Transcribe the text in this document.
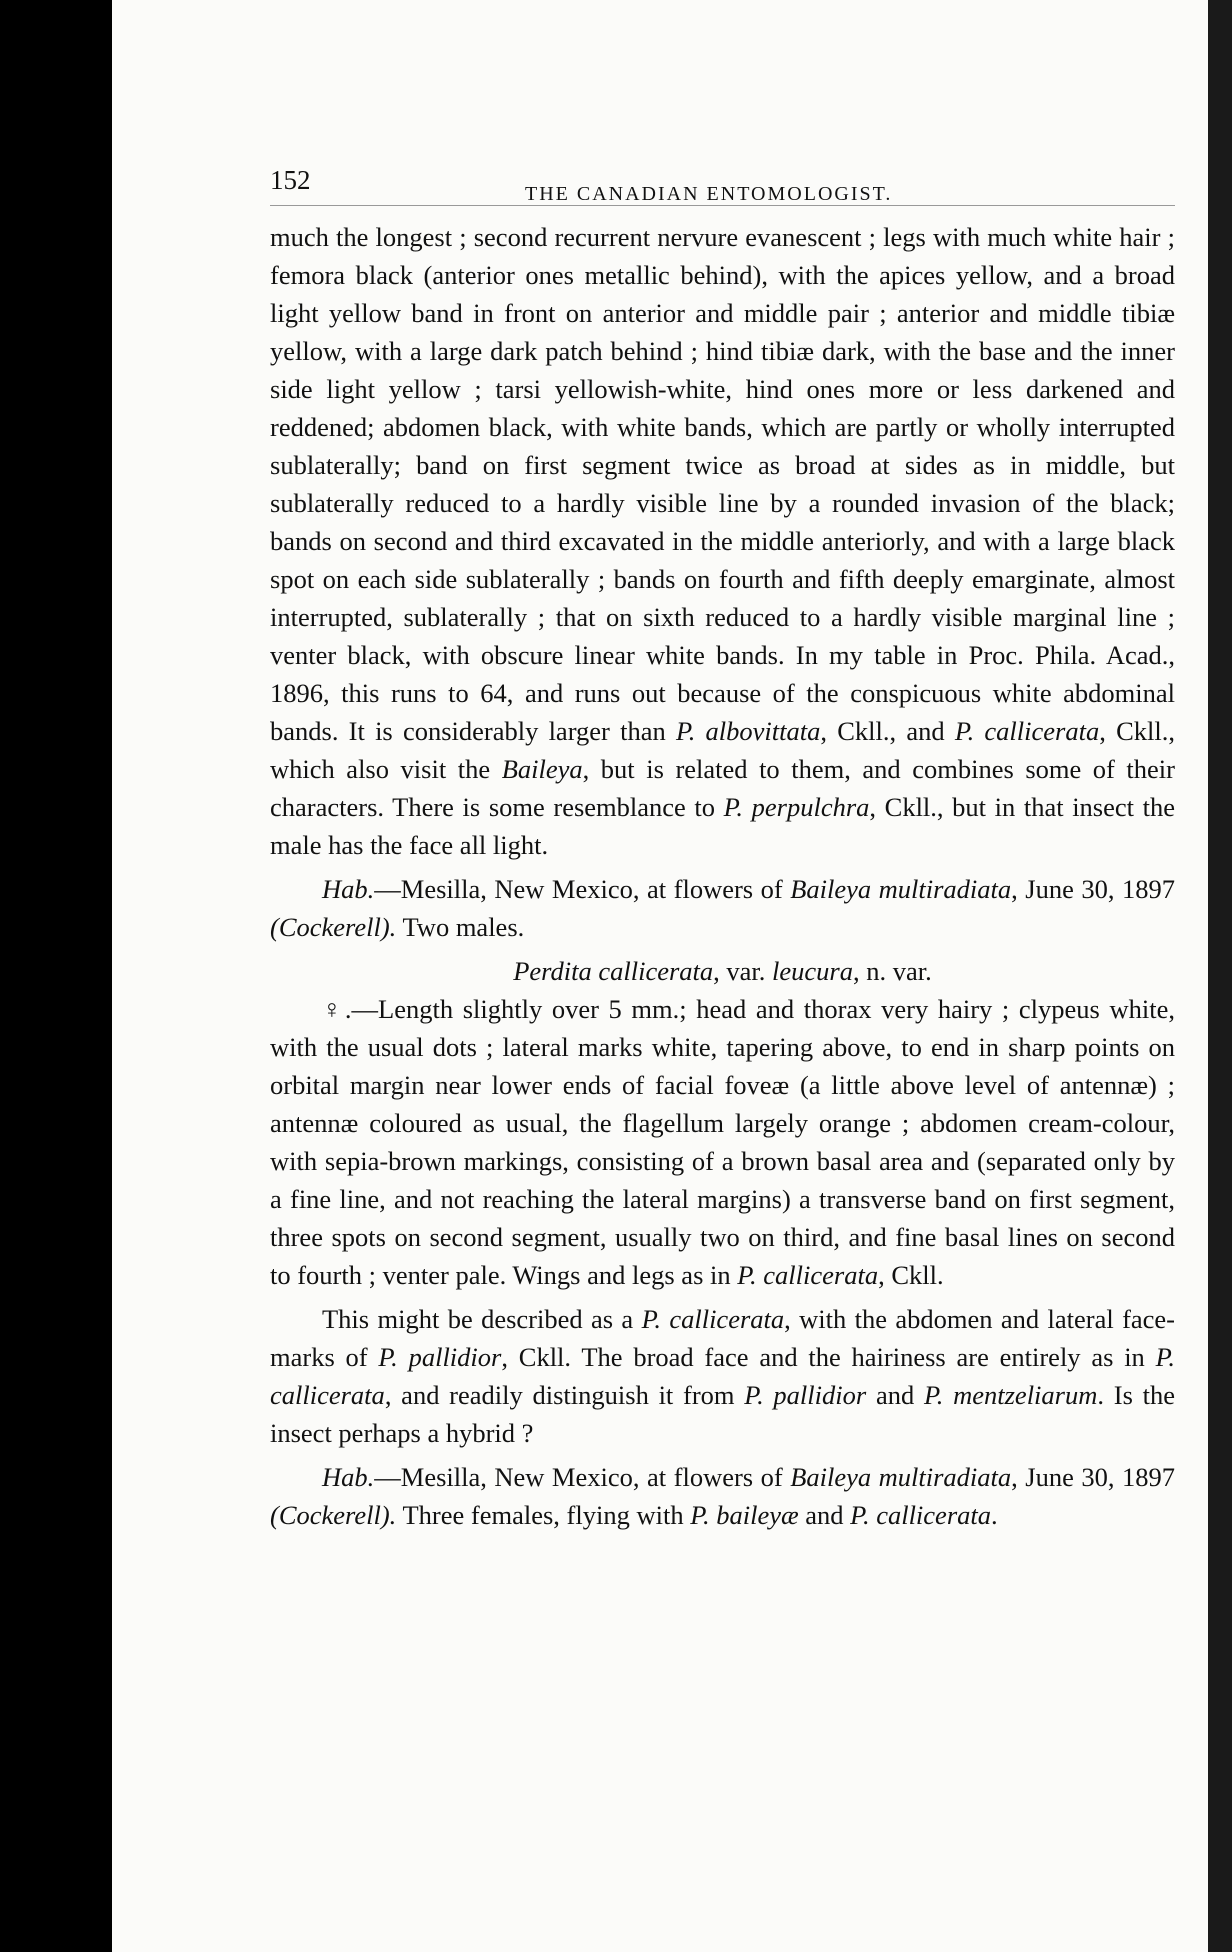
152	THE CANADIAN ENTOMOLOGIST.

much the longest ; second recurrent nervure evanescent ; legs with much white hair ; femora black (anterior ones metallic behind), with the apices yellow, and a broad light yellow band in front on anterior and middle pair ; anterior and middle tibiæ yellow, with a large dark patch behind ; hind tibiæ dark, with the base and the inner side light yellow ; tarsi yellowish-white, hind ones more or less darkened and reddened; abdomen black, with white bands, which are partly or wholly interrupted sublaterally; band on first segment twice as broad at sides as in middle, but sublaterally reduced to a hardly visible line by a rounded invasion of the black; bands on second and third excavated in the middle anteriorly, and with a large black spot on each side sublaterally ; bands on fourth and fifth deeply emarginate, almost interrupted, sublaterally ; that on sixth reduced to a hardly visible marginal line ; venter black, with obscure linear white bands. In my table in Proc. Phila. Acad., 1896, this runs to 64, and runs out because of the conspicuous white abdominal bands. It is considerably larger than P. albovittata, Ckll., and P. callicerata, Ckll., which also visit the Baileya, but is related to them, and combines some of their characters. There is some resemblance to P. perpulchra, Ckll., but in that insect the male has the face all light.

Hab.—Mesilla, New Mexico, at flowers of Baileya multiradiata, June 30, 1897 (Cockerell). Two males.

Perdita callicerata, var. leucura, n. var.

♀.—Length slightly over 5 mm.; head and thorax very hairy ; clypeus white, with the usual dots ; lateral marks white, tapering above, to end in sharp points on orbital margin near lower ends of facial foveæ (a little above level of antennæ) ; antennæ coloured as usual, the flagellum largely orange ; abdomen cream-colour, with sepia-brown markings, consisting of a brown basal area and (separated only by a fine line, and not reaching the lateral margins) a transverse band on first segment, three spots on second segment, usually two on third, and fine basal lines on second to fourth ; venter pale. Wings and legs as in P. callicerata, Ckll.

This might be described as a P. callicerata, with the abdomen and lateral face-marks of P. pallidior, Ckll. The broad face and the hairiness are entirely as in P. callicerata, and readily distinguish it from P. pallidior and P. mentzeliarum. Is the insect perhaps a hybrid ?

Hab.—Mesilla, New Mexico, at flowers of Baileya multiradiata, June 30, 1897 (Cockerell). Three females, flying with P. baileyæ and P. callicerata.
